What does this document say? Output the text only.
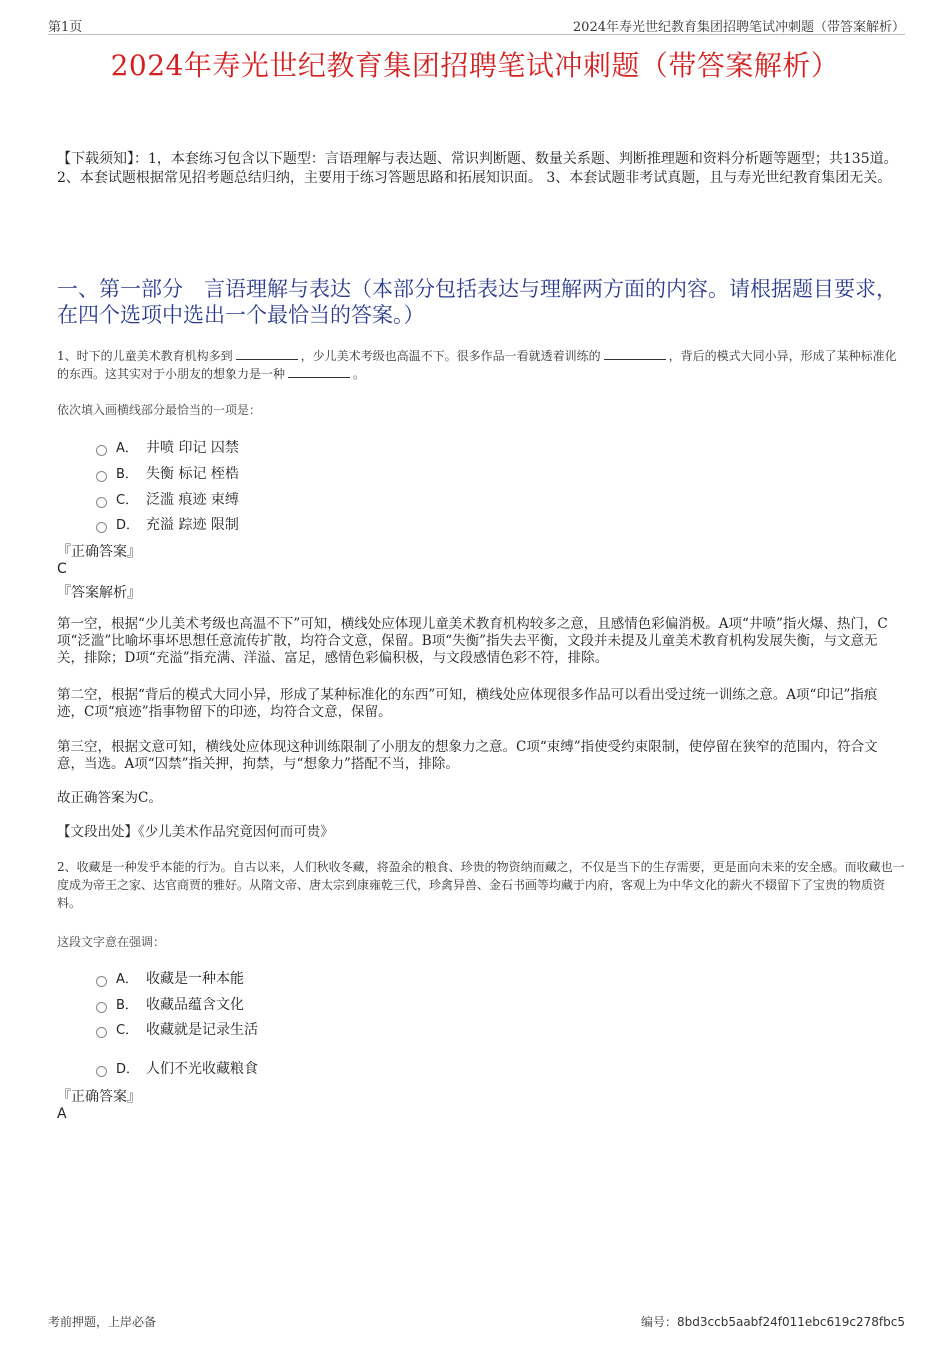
第1页	2024年寿光世纪教育集团招聘笔试冲刺题（带答案解析）
2024年寿光世纪教育集团招聘笔试冲刺题（带答案解析）
【下载须知】：1，本套练习包含以下题型：言语理解与表达题、常识判断题、数量关系题、判断推理题和资料分析题等题型；共135道。 2、本套试题根据常见招考题总结归纳，主要用于练习答题思路和拓展知识面。 3、本套试题非考试真题，且与寿光世纪教育集团无关。
一、第一部分　言语理解与表达（本部分包括表达与理解两方面的内容。请根据题目要求，在四个选项中选出一个最恰当的答案。）
1、时下的儿童美术教育机构多到	，少儿美术考级也高温不下。很多作品一看就透着训练的	，背后的模式大同小异，形成了某种标准化的东西。这其实对于小朋友的想象力是一种	。
依次填入画横线部分最恰当的一项是：
A． 井喷 印记 囚禁
B． 失衡 标记 桎梏
C． 泛滥 痕迹 束缚
D． 充溢 踪迹 限制
『正确答案』
C
『答案解析』
第一空，根据“少儿美术考级也高温不下”可知，横线处应体现儿童美术教育机构较多之意，且感情色彩偏消极。A项“井喷”指火爆、热门，C项“泛滥”比喻坏事坏思想任意流传扩散，均符合文意，保留。B项“失衡”指失去平衡，文段并未提及儿童美术教育机构发展失衡，与文意无关，排除；D项“充溢”指充满、洋溢、富足，感情色彩偏积极，与文段感情色彩不符，排除。
第二空，根据“背后的模式大同小异，形成了某种标准化的东西”可知，横线处应体现很多作品可以看出受过统一训练之意。A项“印记”指痕迹，C项“痕迹”指事物留下的印迹，均符合文意，保留。
第三空，根据文意可知，横线处应体现这种训练限制了小朋友的想象力之意。C项“束缚”指使受约束限制，使停留在狭窄的范围内，符合文意，当选。A项“囚禁”指关押，拘禁，与“想象力”搭配不当，排除。
故正确答案为C。
【文段出处】《少儿美术作品究竟因何而可贵》
2、收藏是一种发乎本能的行为。自古以来，人们秋收冬藏，将盈余的粮食、珍贵的物资纳而藏之，不仅是当下的生存需要，更是面向未来的安全感。而收藏也一度成为帝王之家、达官商贾的雅好。从隋文帝、唐太宗到康雍乾三代，珍禽异兽、金石书画等均藏于内府，客观上为中华文化的薪火不辍留下了宝贵的物质资料。
这段文字意在强调：
A． 收藏是一种本能
B． 收藏品蕴含文化
C． 收藏就是记录生活
D． 人们不光收藏粮食
『正确答案』
A
考前押题，上岸必备	编号：8bd3ccb5aabf24f011ebc619c278fbc5
